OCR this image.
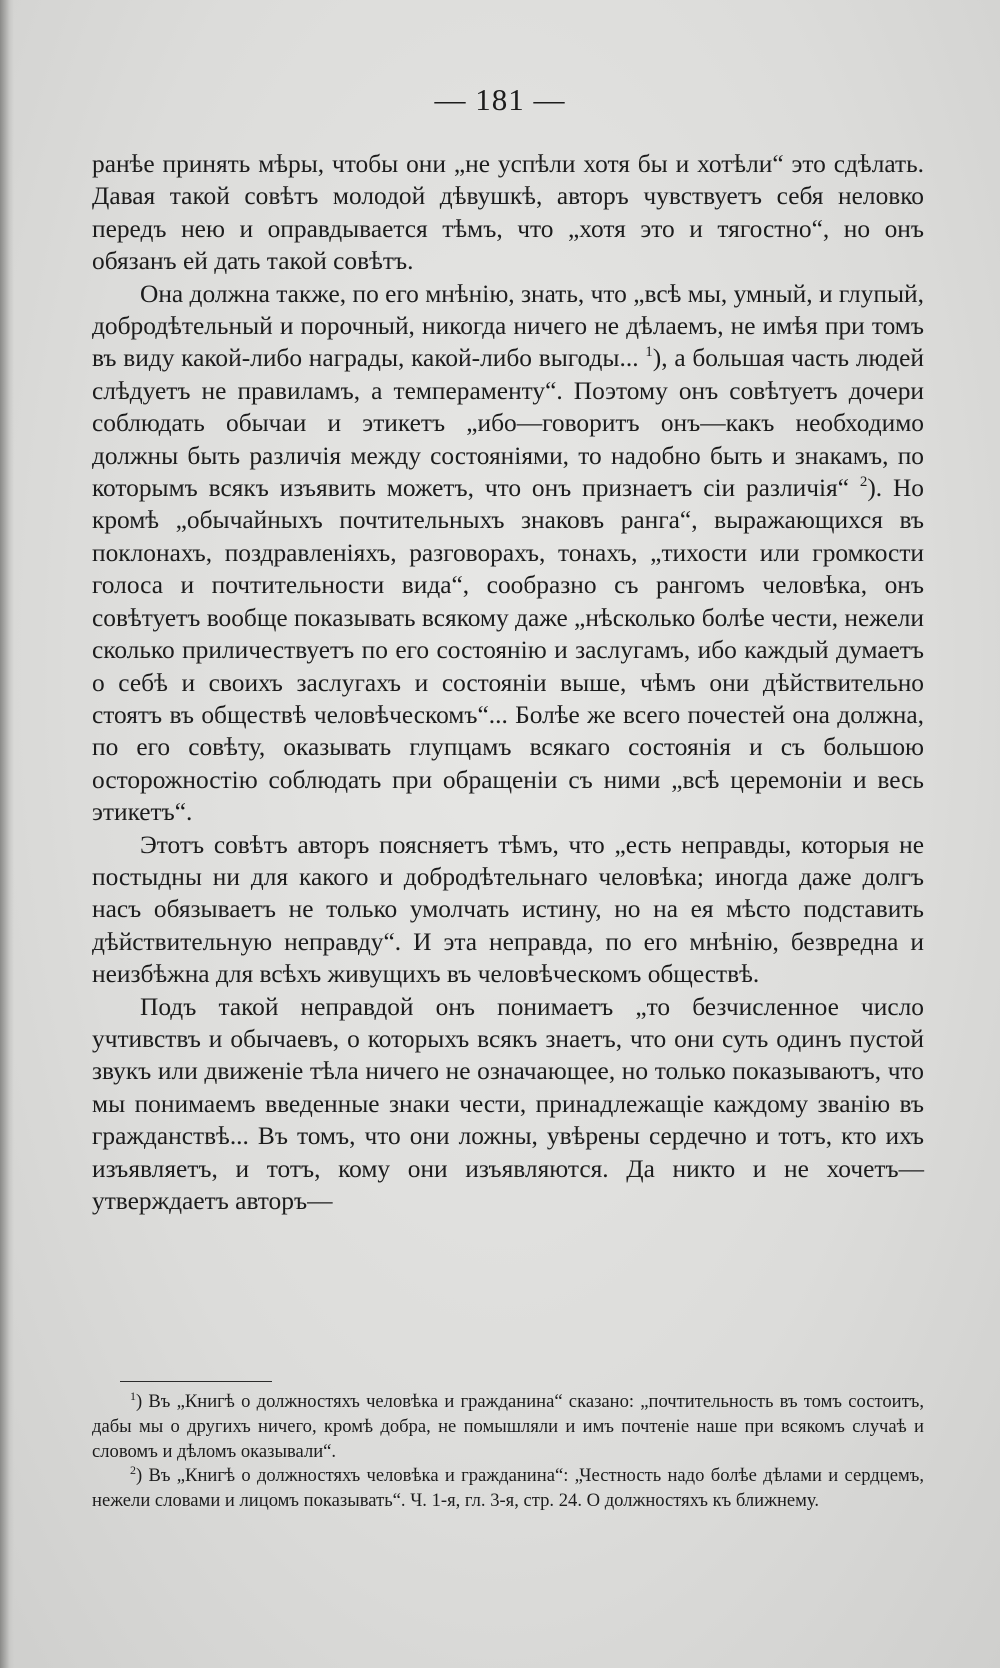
— 181 —

ранѣе принять мѣры, чтобы они „не успѣли хотя бы и хотѣли“ это сдѣлать. Давая такой совѣтъ молодой дѣвушкѣ, авторъ чувствуетъ себя неловко передъ нею и оправдывается тѣмъ, что „хотя это и тягостно“, но онъ обязанъ ей дать такой совѣтъ.

Она должна также, по его мнѣнію, знать, что „всѣ мы, умный, и глупый, добродѣтельный и порочный, никогда ничего не дѣлаемъ, не имѣя при томъ въ виду какой-либо награды, какой-либо выгоды... $^1$), а большая часть людей слѣдуетъ не правиламъ, а темпераменту“. Поэтому онъ совѣтуетъ дочери соблюдать обычаи и этикетъ „ибо—говоритъ онъ—какъ необходимо должны быть различія между состояніями, то надобно быть и знакамъ, по которымъ всякъ изъявить можетъ, что онъ признаетъ сіи различія“ $^2$). Но кромѣ „обычайныхъ почтительныхъ знаковъ ранга“, выражающихся въ поклонахъ, поздравленіяхъ, разговорахъ, тонахъ, „тихости или громкости голоса и почтительности вида“, сообразно съ рангомъ человѣка, онъ совѣтуетъ вообще показывать всякому даже „нѣсколько болѣе чести, нежели сколько приличествуетъ по его состоянію и заслугамъ, ибо каждый думаетъ о себѣ и своихъ заслугахъ и состояніи выше, чѣмъ они дѣйствительно стоятъ въ обществѣ человѣческомъ“... Болѣе же всего почестей она должна, по его совѣту, оказывать глупцамъ всякаго состоянія и съ большою осторожностію соблюдать при обращеніи съ ними „всѣ церемоніи и весь этикетъ“.

Этотъ совѣтъ авторъ поясняетъ тѣмъ, что „есть неправды, которыя не постыдны ни для какого и добродѣтельнаго человѣка; иногда даже долгъ насъ обязываетъ не только умолчать истину, но на ея мѣсто подставить дѣйствительную неправду“. И эта неправда, по его мнѣнію, безвредна и неизбѣжна для всѣхъ живущихъ въ человѣческомъ обществѣ.

Подъ такой неправдой онъ понимаетъ „то безчисленное число учтивствъ и обычаевъ, о которыхъ всякъ знаетъ, что они суть одинъ пустой звукъ или движеніе тѣла ничего не означающее, но только показываютъ, что мы понимаемъ введенные знаки чести, принадлежащіе каждому званію въ гражданствѣ... Въ томъ, что они ложны, увѣрены сердечно и тотъ, кто ихъ изъявляетъ, и тотъ, кому они изъявляются. Да никто и не хочетъ—утверждаетъ авторъ—

$^1$) Въ „Книгѣ о должностяхъ человѣка и гражданина“ сказано: „почтительность въ томъ состоитъ, дабы мы о другихъ ничего, кромѣ добра, не помышляли и имъ почтеніе наше при всякомъ случаѣ и словомъ и дѣломъ оказывали“.

$^2$) Въ „Книгѣ о должностяхъ человѣка и гражданина“: „Честность надо болѣе дѣлами и сердцемъ, нежели словами и лицомъ показывать“. Ч. 1-я, гл. 3-я, стр. 24. О должностяхъ къ ближнему.
